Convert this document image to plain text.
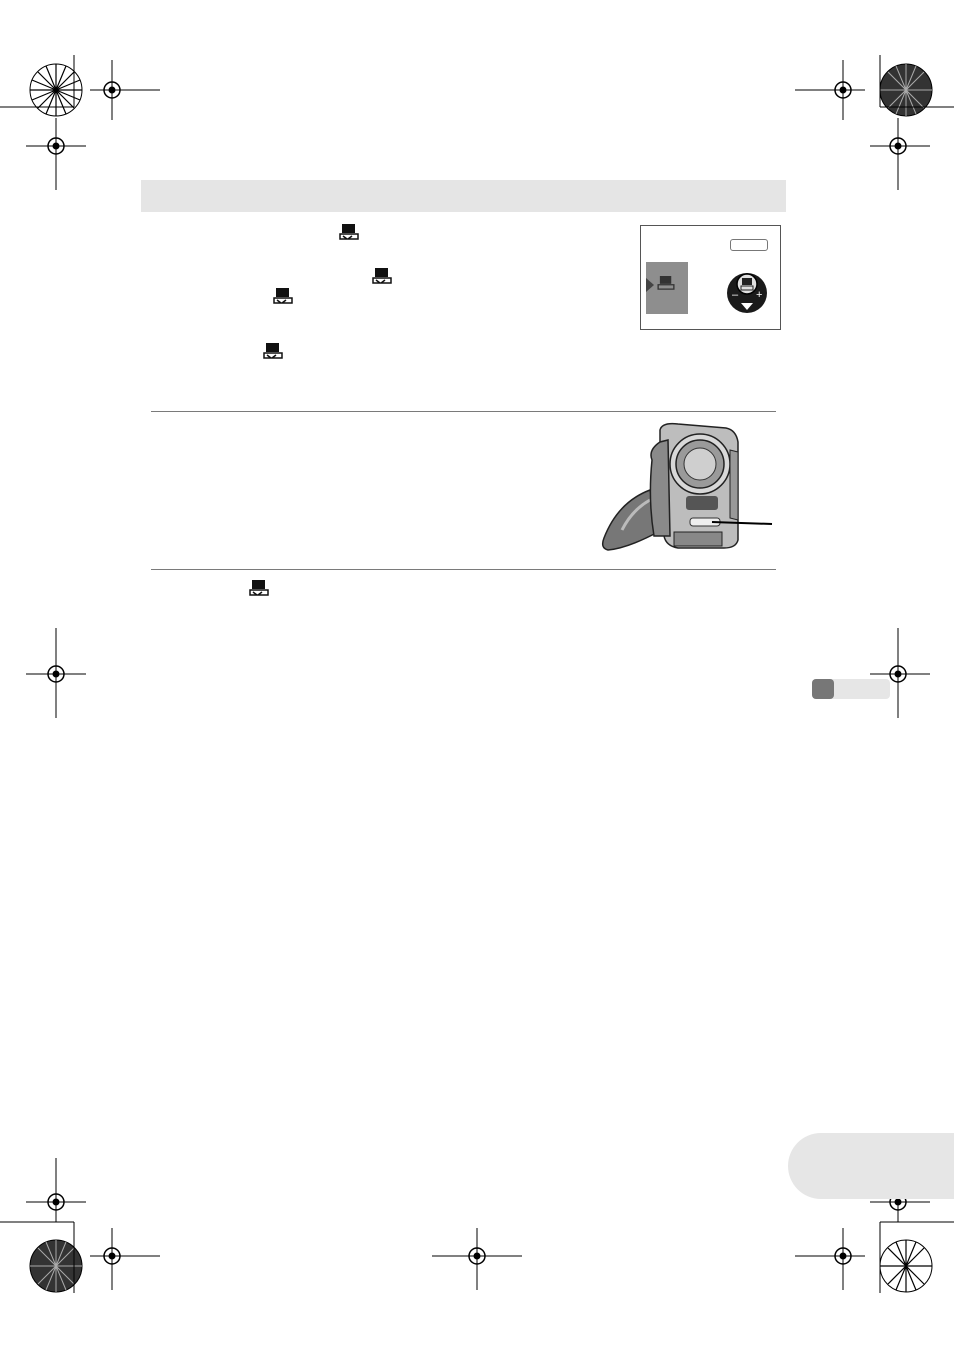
– +
